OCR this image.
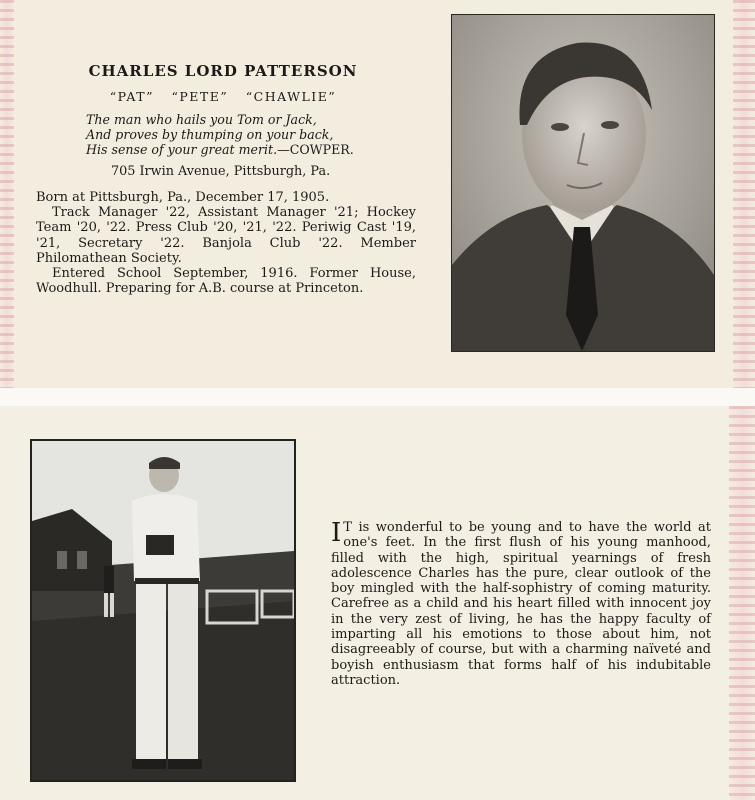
CHARLES LORD PATTERSON
“PAT” “PETE” “CHAWLIE”
The man who hails you Tom or Jack,
And proves by thumping on your back,
His sense of your great merit.—COWPER.
705 Irwin Avenue, Pittsburgh, Pa.

Born at Pittsburgh, Pa., December 17, 1905.

Track Manager '22, Assistant Manager '21; Hockey Team '20, '22. Press Club '20, '21, '22. Periwig Cast '19, '21, Secretary '22. Banjola Club '22. Member Philomathean Society.

Entered School September, 1916. Former House, Woodhull. Preparing for A.B. course at Princeton.

I T is wonderful to be young and to have the world at one's feet. In the first flush of his young manhood, filled with the high, spiritual yearnings of fresh adolescence Charles has the pure, clear outlook of the boy mingled with the half-sophistry of coming maturity. Carefree as a child and his heart filled with innocent joy in the very zest of living, he has the happy faculty of imparting all his emotions to those about him, not disagreeably of course, but with a charming naïveté and boyish enthusiasm that forms half of his indubitable attraction.
